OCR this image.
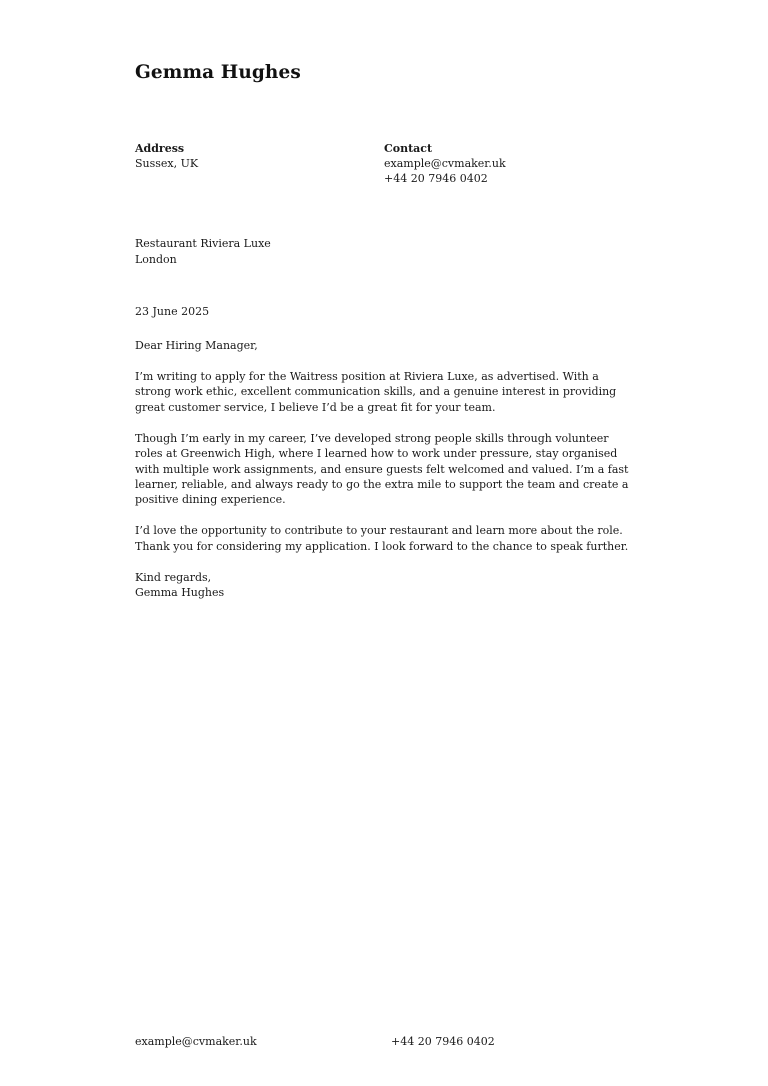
Gemma Hughes
Address
Sussex, UK
Contact
example@cvmaker.uk
+44 20 7946 0402
Restaurant Riviera Luxe
London
23 June 2025

Dear Hiring Manager,

I’m writing to apply for the Waitress position at Riviera Luxe, as advertised. With a strong work ethic, excellent communication skills, and a genuine interest in providing great customer service, I believe I’d be a great fit for your team.

Though I’m early in my career, I’ve developed strong people skills through volunteer roles at Greenwich High, where I learned how to work under pressure, stay organised with multiple work assignments, and ensure guests felt welcomed and valued. I’m a fast learner, reliable, and always ready to go the extra mile to support the team and create a positive dining experience.

I’d love the opportunity to contribute to your restaurant and learn more about the role. Thank you for considering my application. I look forward to the chance to speak further.

Kind regards,
Gemma Hughes

example@cvmaker.uk	+44 20 7946 0402
